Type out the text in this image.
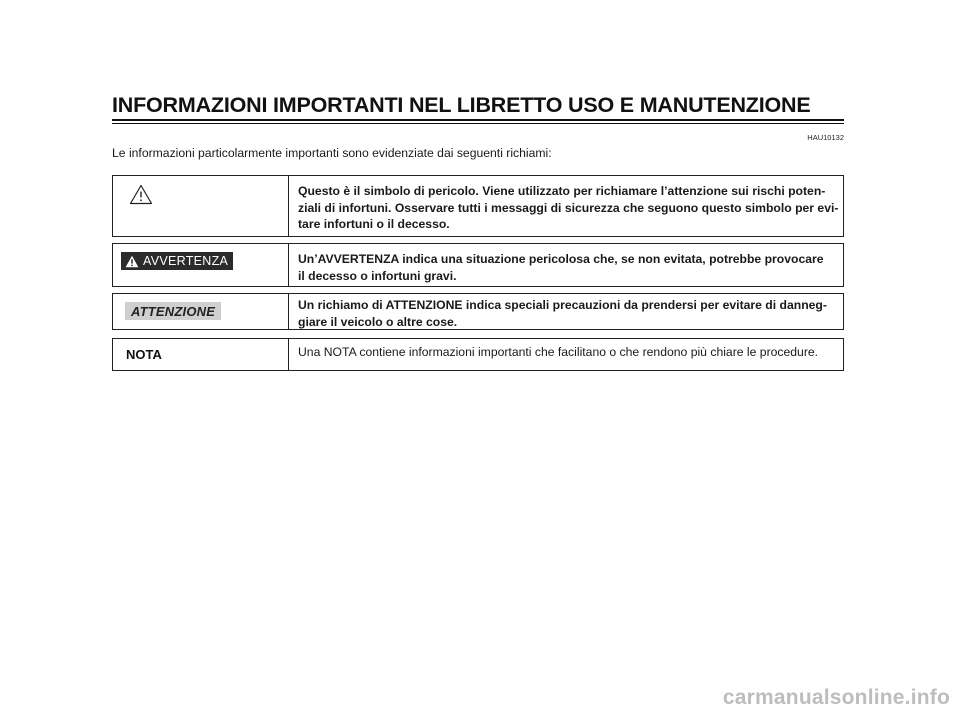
INFORMAZIONI IMPORTANTI NEL LIBRETTO USO E MANUTENZIONE
HAU10132
Le informazioni particolarmente importanti sono evidenziate dai seguenti richiami:
Questo è il simbolo di pericolo. Viene utilizzato per richiamare l’attenzione sui rischi poten-
ziali di infortuni. Osservare tutti i messaggi di sicurezza che seguono questo simbolo per evi-
tare infortuni o il decesso.
AVVERTENZA	Un’AVVERTENZA indica una situazione pericolosa che, se non evitata, potrebbe provocare
il decesso o infortuni gravi.
ATTENZIONE	Un richiamo di ATTENZIONE indica speciali precauzioni da prendersi per evitare di danneg-
giare il veicolo o altre cose.
NOTA	Una NOTA contiene informazioni importanti che facilitano o che rendono più chiare le procedure.
carmanualsonline.info
